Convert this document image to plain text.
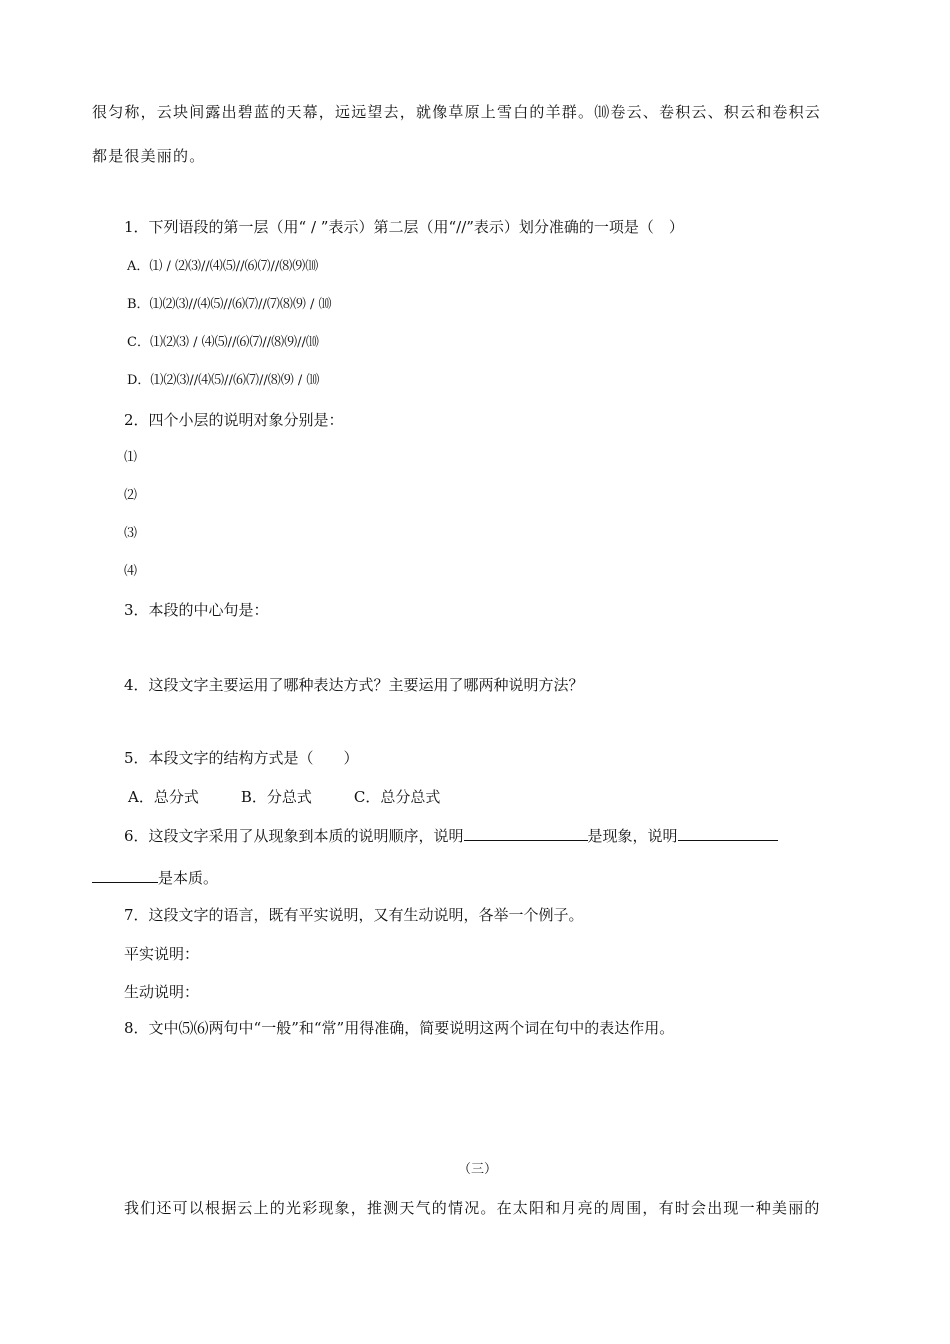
很匀称，云块间露出碧蓝的天幕，远远望去，就像草原上雪白的羊群。⑽卷云、卷积云、积云和卷积云
都是很美丽的。
1．下列语段的第一层（用“ / ”表示）第二层（用“//”表示）划分准确的一项是（　）
A．⑴ / ⑵⑶//⑷⑸//⑹⑺//⑻⑼⑽
B．⑴⑵⑶//⑷⑸//⑹⑺//⑺⑻⑼ / ⑽
C．⑴⑵⑶ / ⑷⑸//⑹⑺//⑻⑼//⑽
D．⑴⑵⑶//⑷⑸//⑹⑺//⑻⑼ / ⑽
2．四个小层的说明对象分别是：
⑴
⑵
⑶
⑷
3．本段的中心句是：
4．这段文字主要运用了哪种表达方式？主要运用了哪两种说明方法？
5．本段文字的结构方式是（　　）
A．总分式	B．分总式	C．总分总式
6．这段文字采用了从现象到本质的说明顺序，说明	是现象，说明
是本质。
7．这段文字的语言，既有平实说明，又有生动说明，各举一个例子。
平实说明：
生动说明：
8．文中⑸⑹两句中“一般”和“常”用得准确，简要说明这两个词在句中的表达作用。
（三）
我们还可以根据云上的光彩现象，推测天气的情况。在太阳和月亮的周围，有时会出现一种美丽的
